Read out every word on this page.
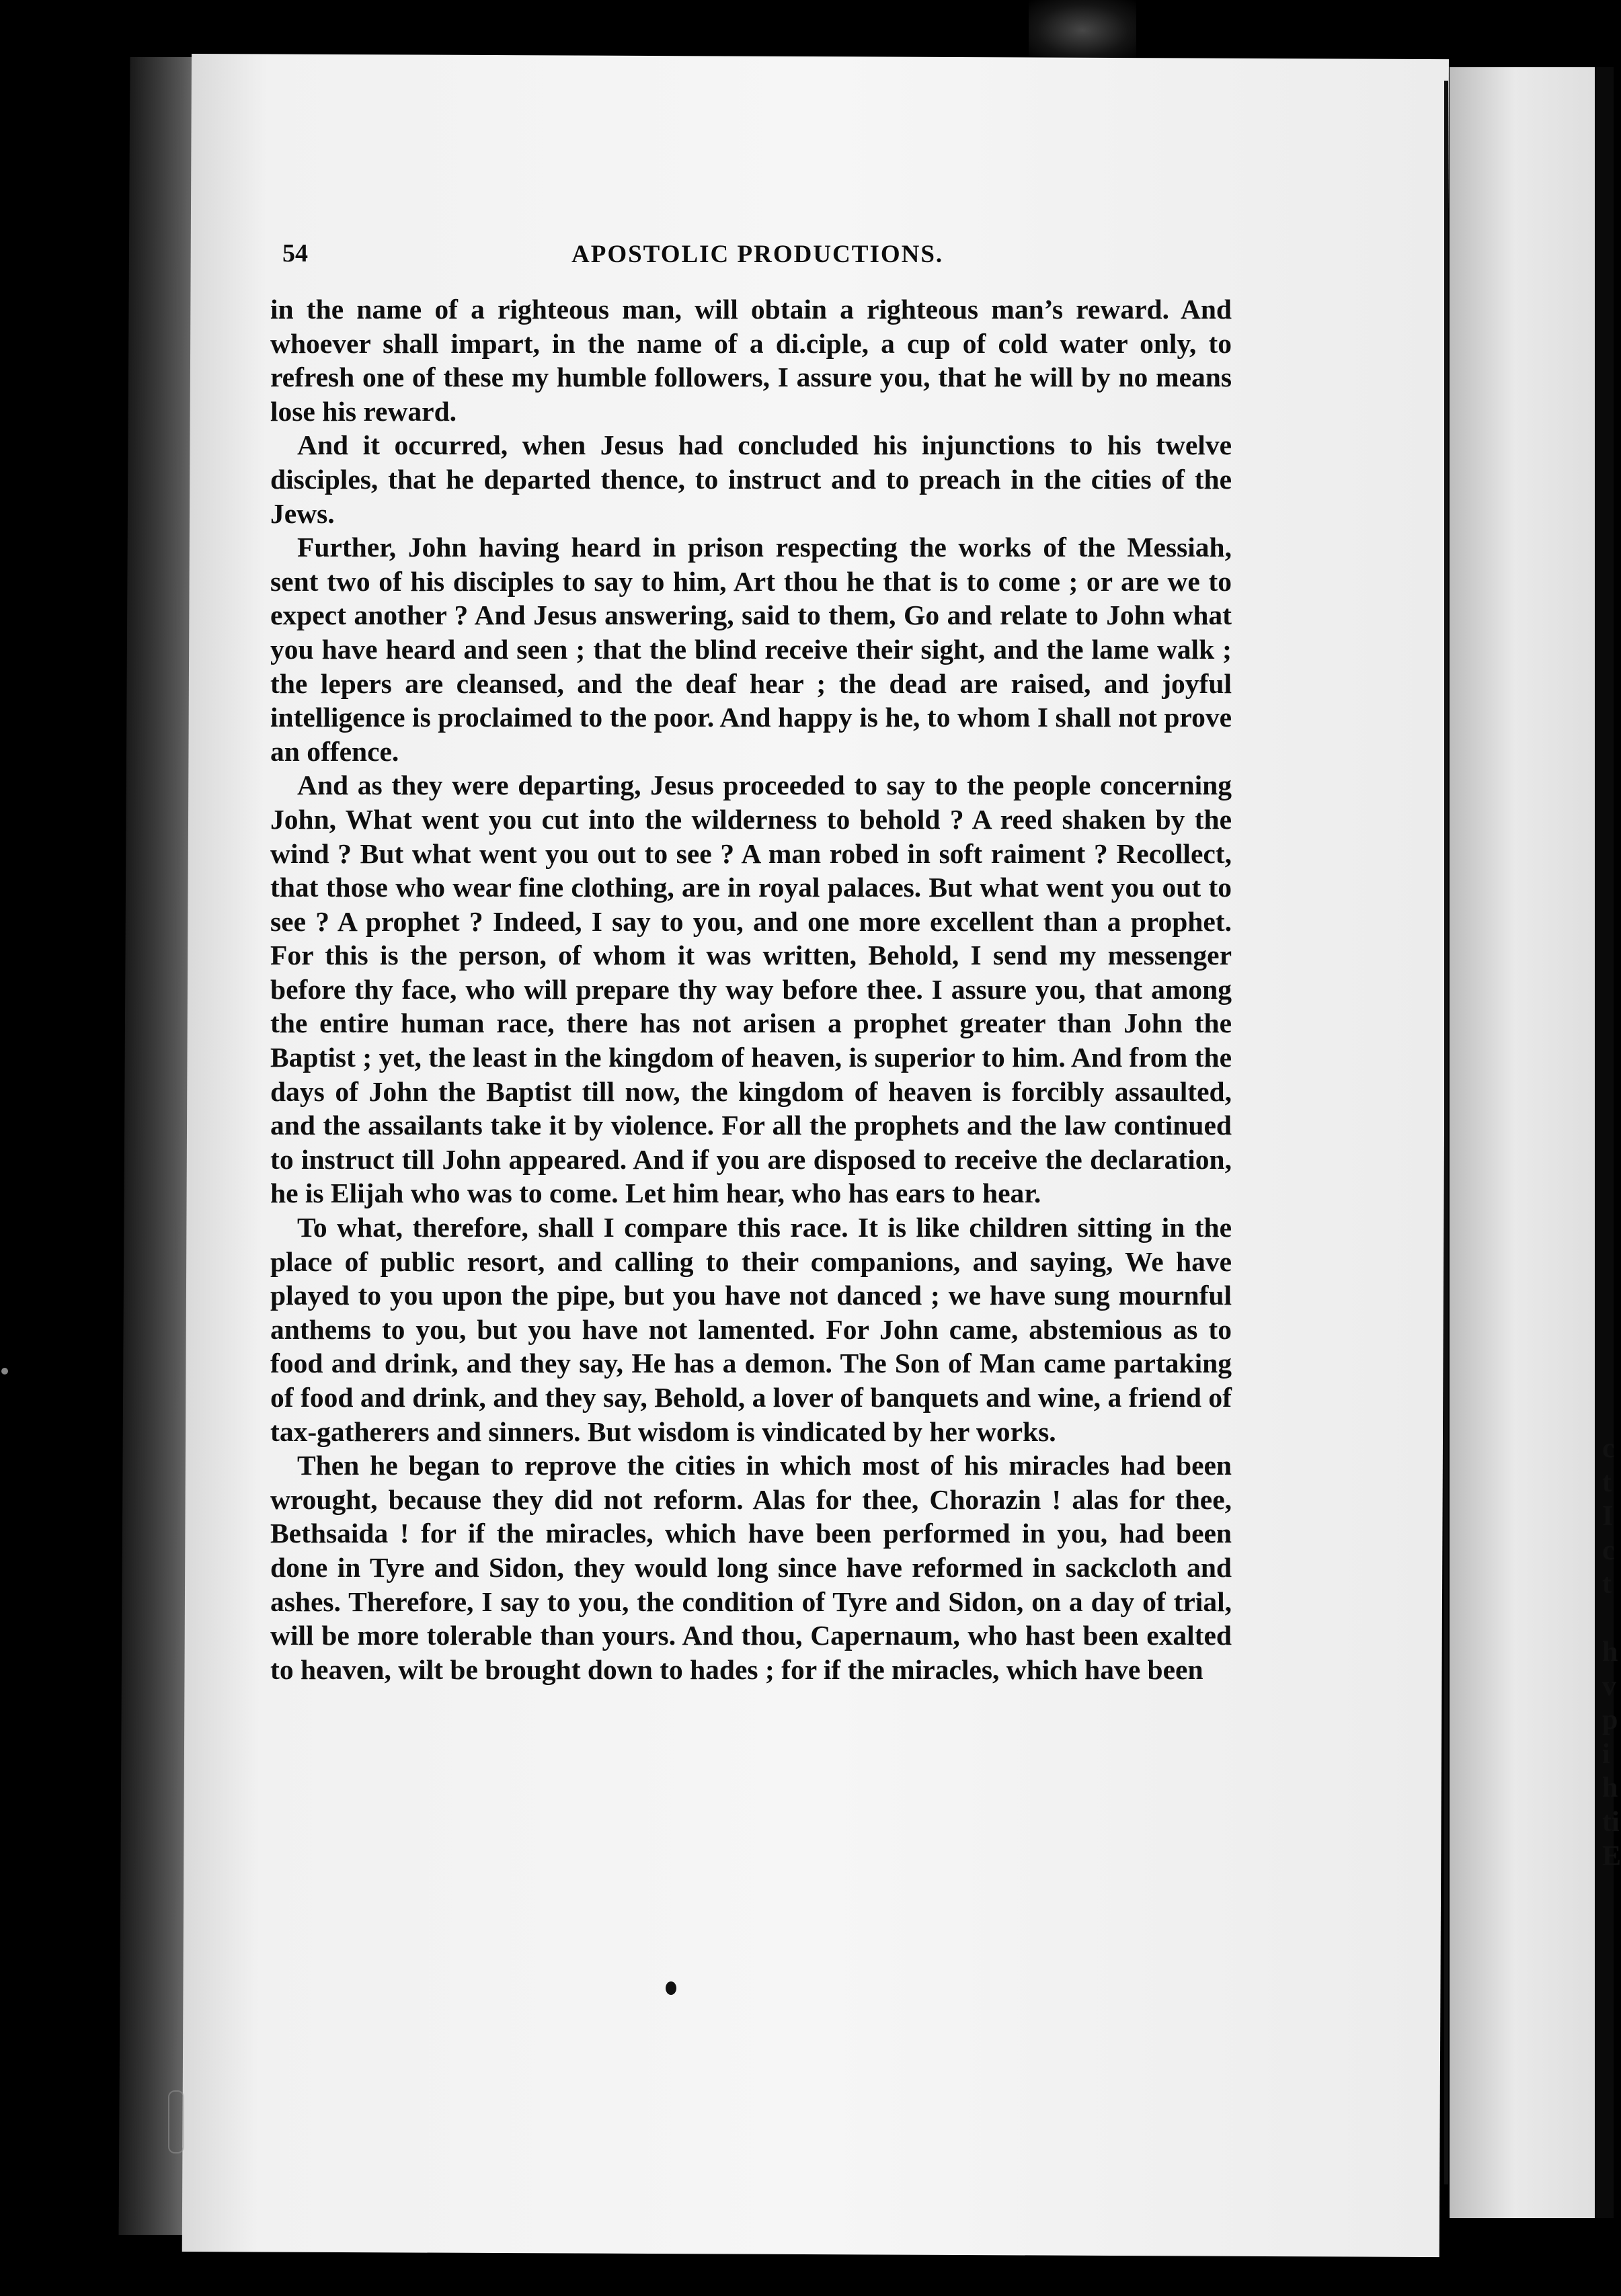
54	APOSTOLIC PRODUCTIONS.

in the name of a righteous man, will obtain a righteous man’s reward. And whoever shall impart, in the name of a di.ciple, a cup of cold water only, to refresh one of these my humble followers, I assure you, that he will by no means lose his reward.

And it occurred, when Jesus had concluded his injunctions to his twelve disciples, that he departed thence, to instruct and to preach in the cities of the Jews.

Further, John having heard in prison respecting the works of the Messiah, sent two of his disciples to say to him, Art thou he that is to come ; or are we to expect another ? And Jesus answering, said to them, Go and relate to John what you have heard and seen ; that the blind receive their sight, and the lame walk ; the lepers are cleansed, and the deaf hear ; the dead are raised, and joyful intelligence is proclaimed to the poor. And happy is he, to whom I shall not prove an offence.

And as they were departing, Jesus proceeded to say to the people concerning John, What went you cut into the wilderness to behold ? A reed shaken by the wind ? But what went you out to see ? A man robed in soft raiment ? Recollect, that those who wear fine clothing, are in royal palaces. But what went you out to see ? A prophet ? Indeed, I say to you, and one more excellent than a prophet. For this is the person, of whom it was written, Behold, I send my messenger before thy face, who will prepare thy way before thee. I assure you, that among the entire human race, there has not arisen a prophet greater than John the Baptist ; yet, the least in the kingdom of heaven, is superior to him. And from the days of John the Baptist till now, the kingdom of heaven is forcibly assaulted, and the assailants take it by violence. For all the prophets and the law continued to instruct till John appeared. And if you are disposed to receive the declaration, he is Elijah who was to come. Let him hear, who has ears to hear.

To what, therefore, shall I compare this race. It is like children sitting in the place of public resort, and calling to their companions, and saying, We have played to you upon the pipe, but you have not danced ; we have sung mournful anthems to you, but you have not lamented. For John came, abstemious as to food and drink, and they say, He has a demon. The Son of Man came partaking of food and drink, and they say, Behold, a lover of banquets and wine, a friend of tax-gatherers and sinners. But wisdom is vindicated by her works.

Then he began to reprove the cities in which most of his miracles had been wrought, because they did not reform. Alas for thee, Chorazin ! alas for thee, Bethsaida ! for if the miracles, which have been performed in you, had been done in Tyre and Sidon, they would long since have reformed in sackcloth and ashes. Therefore, I say to you, the condition of Tyre and Sidon, on a day of trial, will be more tolerable than yours. And thou, Capernaum, who hast been exalted to heaven, wilt be brought down to hades ; for if the miracles, which have been

c
t
I
c
t
h
v
p
i
h
ti
E
